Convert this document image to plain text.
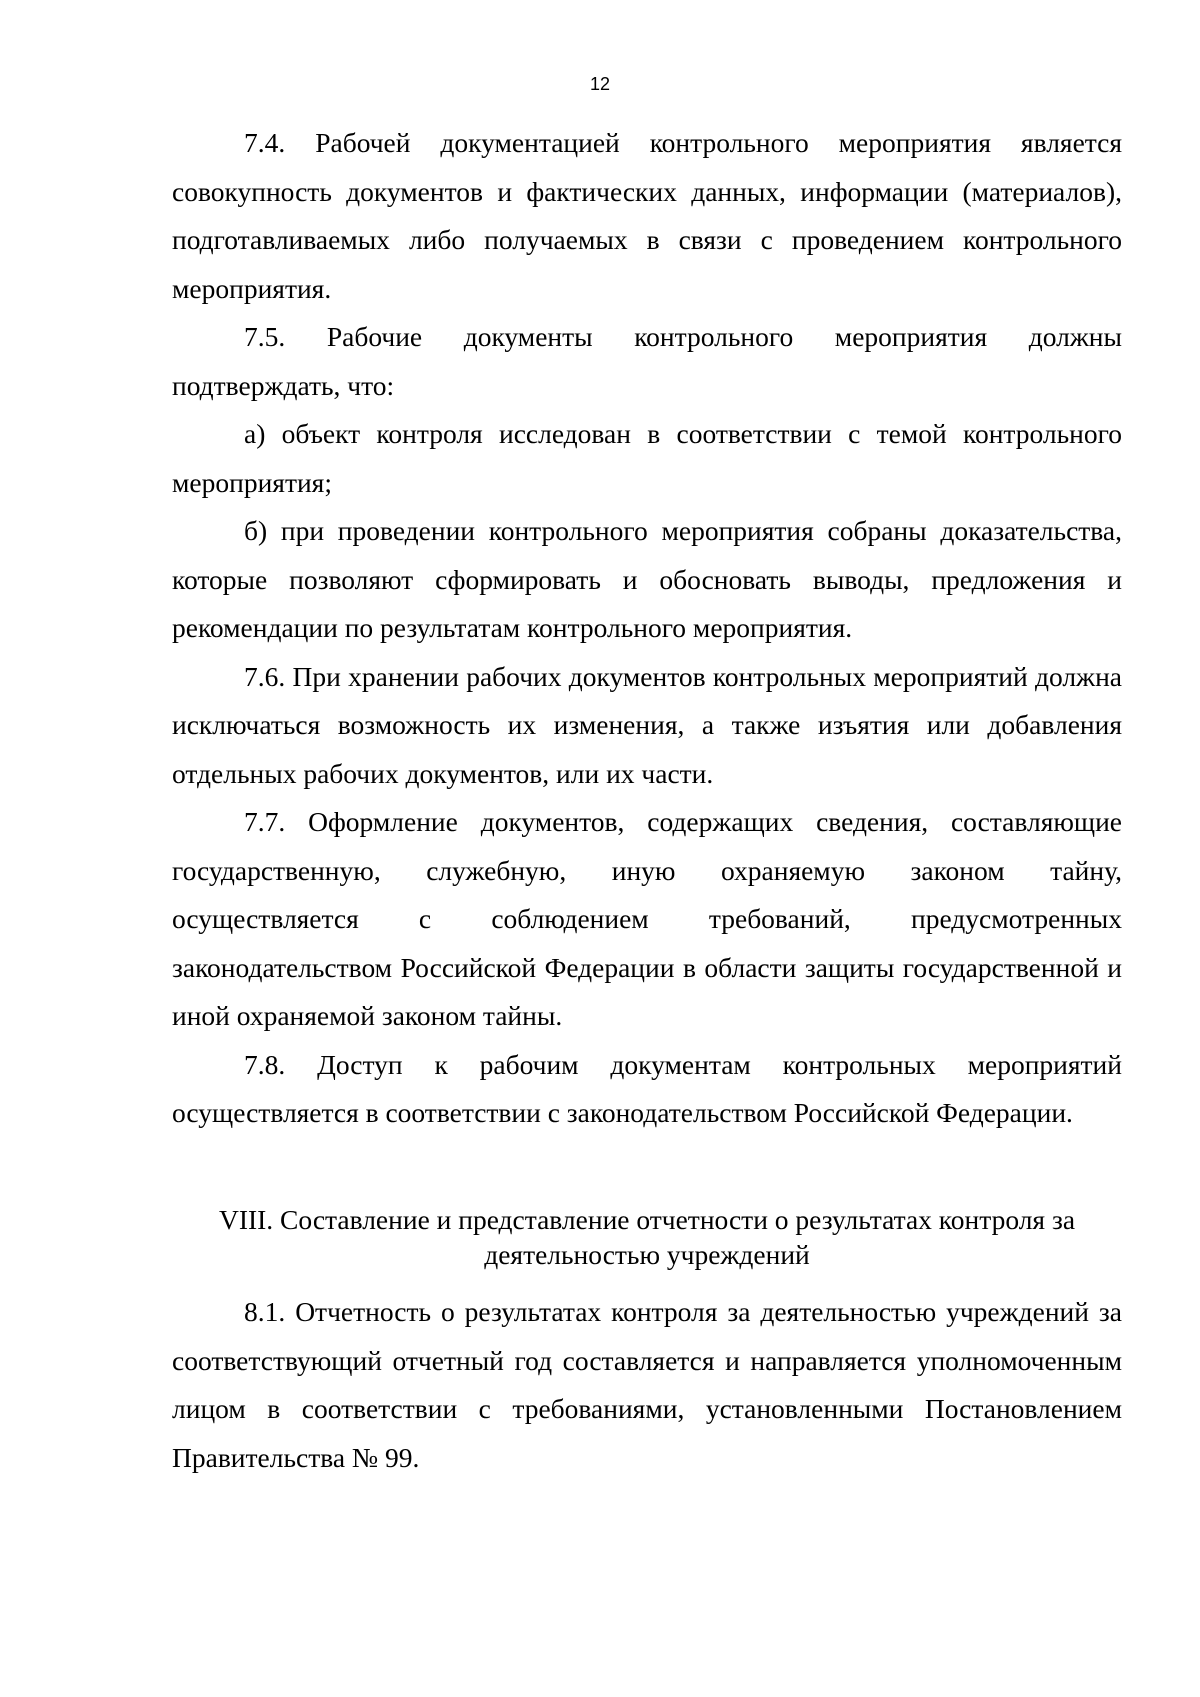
12

7.4. Рабочей документацией контрольного мероприятия является совокупность документов и фактических данных, информации (материалов), подготавливаемых либо получаемых в связи с проведением контрольного мероприятия.

7.5. Рабочие документы контрольного мероприятия должны подтверждать, что:

а) объект контроля исследован в соответствии с темой контрольного мероприятия;

б) при проведении контрольного мероприятия собраны доказательства, которые позволяют сформировать и обосновать выводы, предложения и рекомендации по результатам контрольного мероприятия.

7.6. При хранении рабочих документов контрольных мероприятий должна исключаться возможность их изменения, а также изъятия или добавления отдельных рабочих документов, или их части.

7.7. Оформление документов, содержащих сведения, составляющие государственную, служебную, иную охраняемую законом тайну, осуществляется с соблюдением требований, предусмотренных законодательством Российской Федерации в области защиты государственной и иной охраняемой законом тайны.

7.8. Доступ к рабочим документам контрольных мероприятий осуществляется в соответствии с законодательством Российской Федерации.

VIII. Составление и представление отчетности о результатах контроля за
деятельностью учреждений

8.1. Отчетность о результатах контроля за деятельностью учреждений за соответствующий отчетный год составляется и направляется уполномоченным лицом в соответствии с требованиями, установленными Постановлением Правительства № 99.
